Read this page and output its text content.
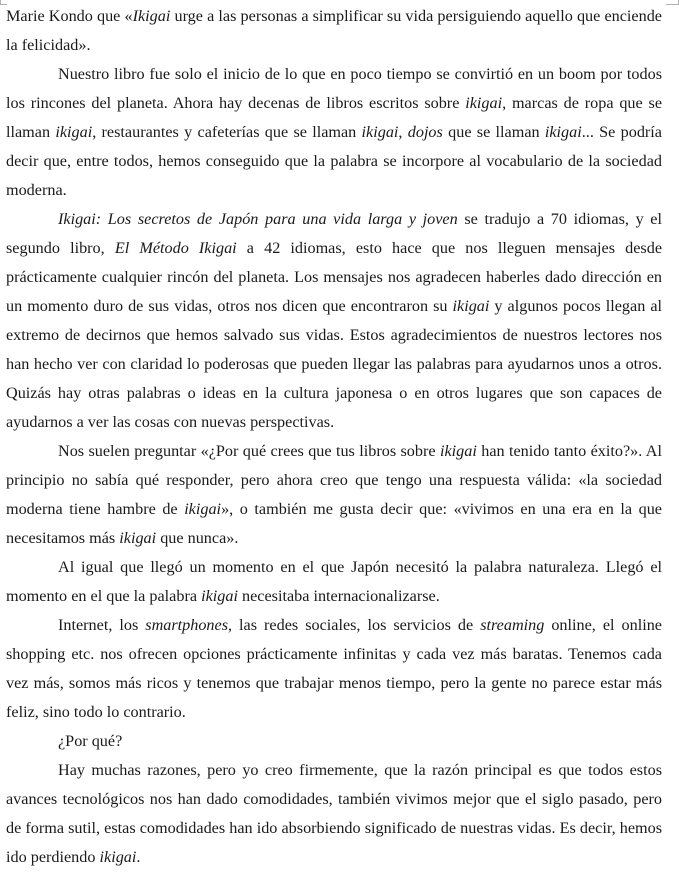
Marie Kondo que «Ikigai urge a las personas a simplificar su vida persiguiendo aquello que enciende la felicidad».

Nuestro libro fue solo el inicio de lo que en poco tiempo se convirtió en un boom por todos los rincones del planeta. Ahora hay decenas de libros escritos sobre ikigai, marcas de ropa que se llaman ikigai, restaurantes y cafeterías que se llaman ikigai, dojos que se llaman ikigai... Se podría decir que, entre todos, hemos conseguido que la palabra se incorpore al vocabulario de la sociedad moderna.

Ikigai: Los secretos de Japón para una vida larga y joven se tradujo a 70 idiomas, y el segundo libro, El Método Ikigai a 42 idiomas, esto hace que nos lleguen mensajes desde prácticamente cualquier rincón del planeta. Los mensajes nos agradecen haberles dado dirección en un momento duro de sus vidas, otros nos dicen que encontraron su ikigai y algunos pocos llegan al extremo de decirnos que hemos salvado sus vidas. Estos agradecimientos de nuestros lectores nos han hecho ver con claridad lo poderosas que pueden llegar las palabras para ayudarnos unos a otros. Quizás hay otras palabras o ideas en la cultura japonesa o en otros lugares que son capaces de ayudarnos a ver las cosas con nuevas perspectivas.

Nos suelen preguntar «¿Por qué crees que tus libros sobre ikigai han tenido tanto éxito?». Al principio no sabía qué responder, pero ahora creo que tengo una respuesta válida: «la sociedad moderna tiene hambre de ikigai», o también me gusta decir que: «vivimos en una era en la que necesitamos más ikigai que nunca».

Al igual que llegó un momento en el que Japón necesitó la palabra naturaleza. Llegó el momento en el que la palabra ikigai necesitaba internacionalizarse.

Internet, los smartphones, las redes sociales, los servicios de streaming online, el online shopping etc. nos ofrecen opciones prácticamente infinitas y cada vez más baratas. Tenemos cada vez más, somos más ricos y tenemos que trabajar menos tiempo, pero la gente no parece estar más feliz, sino todo lo contrario.

¿Por qué?

Hay muchas razones, pero yo creo firmemente, que la razón principal es que todos estos avances tecnológicos nos han dado comodidades, también vivimos mejor que el siglo pasado, pero de forma sutil, estas comodidades han ido absorbiendo significado de nuestras vidas. Es decir, hemos ido perdiendo ikigai.
